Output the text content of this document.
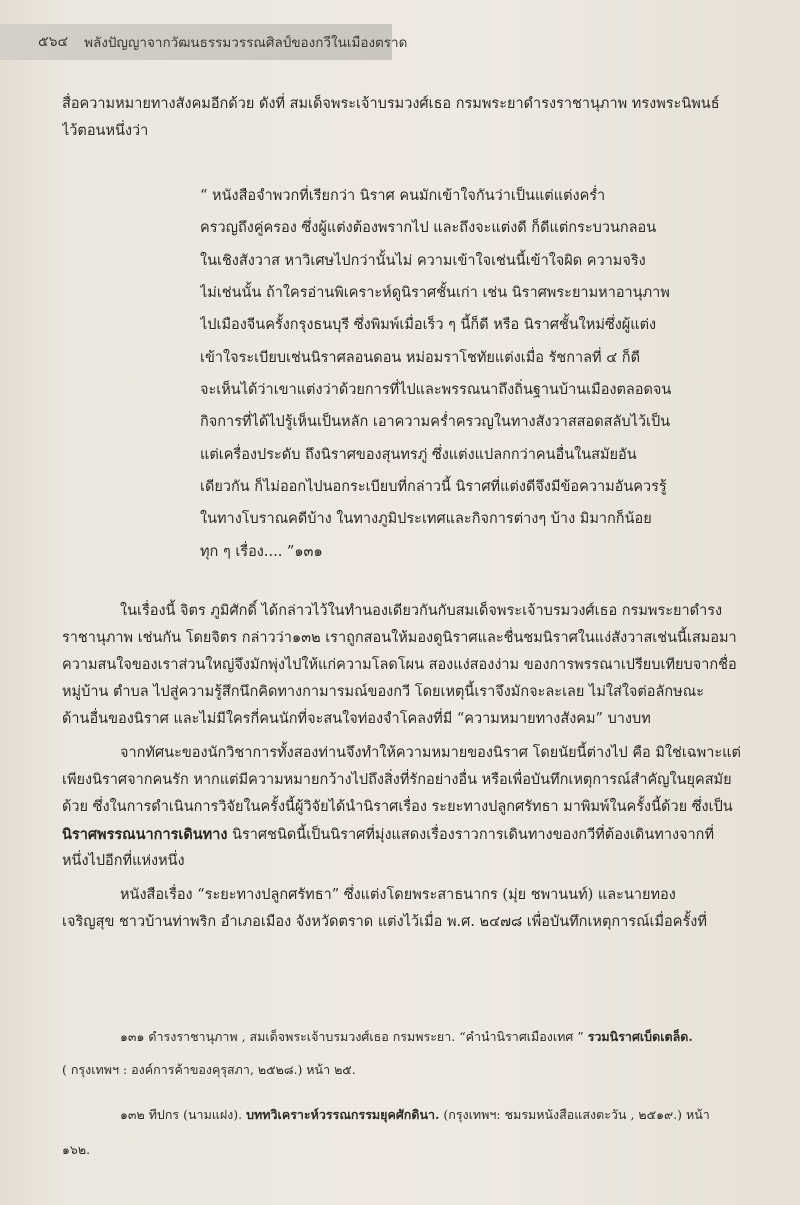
๕๖๔ พลังปัญญาจากวัฒนธรรมวรรณศิลป์ของกวีในเมืองตราด
สื่อความหมายทางสังคมอีกด้วย ดังที่ สมเด็จพระเจ้าบรมวงศ์เธอ กรมพระยาดำรงราชานุภาพ ทรงพระนิพนธ์
ไว้ตอนหนึ่งว่า
“ หนังสือจำพวกที่เรียกว่า นิราศ คนมักเข้าใจกันว่าเป็นแต่แต่งคร่ำ
ครวญถึงคู่ครอง ซึ่งผู้แต่งต้องพรากไป และถึงจะแต่งดี ก็ดีแต่กระบวนกลอน
ในเชิงสังวาส หาวิเศษไปกว่านั้นไม่ ความเข้าใจเช่นนี้เข้าใจผิด ความจริง
ไม่เช่นนั้น ถ้าใครอ่านพิเคราะห์ดูนิราศชั้นเก่า เช่น นิราศพระยามหาอานุภาพ
ไปเมืองจีนครั้งกรุงธนบุรี ซึ่งพิมพ์เมื่อเร็ว ๆ นี้ก็ดี หรือ นิราศชั้นใหม่ซึ่งผู้แต่ง
เข้าใจระเบียบเช่นนิราศลอนดอน หม่อมราโชทัยแต่งเมื่อ รัชกาลที่ ๔ ก็ดี
จะเห็นได้ว่าเขาแต่งว่าด้วยการที่ไปและพรรณนาถึงถิ่นฐานบ้านเมืองตลอดจน
กิจการที่ได้ไปรู้เห็นเป็นหลัก เอาความคร่ำครวญในทางสังวาสสอดสลับไว้เป็น
แต่เครื่องประดับ ถึงนิราศของสุนทรภู่ ซึ่งแต่งแปลกกว่าคนอื่นในสมัยอัน
เดียวกัน ก็ไม่ออกไปนอกระเบียบที่กล่าวนี้ นิราศที่แต่งดีจึงมีข้อความอันควรรู้
ในทางโบราณคดีบ้าง ในทางภูมิประเทศและกิจการต่างๆ บ้าง มิมากก็น้อย
ทุก ๆ เรื่อง.... ”๑๓๑
ในเรื่องนี้ จิตร ภูมิศักดิ์ ได้กล่าวไว้ในทำนองเดียวกันกับสมเด็จพระเจ้าบรมวงศ์เธอ กรมพระยาดำรง
ราชานุภาพ เช่นกัน โดยจิตร กล่าวว่า๑๓๒ เราถูกสอนให้มองดูนิราศและชื่นชมนิราศในแง่สังวาสเช่นนี้เสมอมา
ความสนใจของเราส่วนใหญ่จึงมักพุ่งไปให้แก่ความโลดโผน สองแง่สองง่าม ของการพรรณาเปรียบเทียบจากชื่อ
หมู่บ้าน ตำบล ไปสู่ความรู้สึกนึกคิดทางกามารมณ์ของกวี โดยเหตุนี้เราจึงมักจะละเลย ไม่ใส่ใจต่อลักษณะ
ด้านอื่นของนิราศ และไม่มีใครกี่คนนักที่จะสนใจท่องจำโคลงที่มี “ความหมายทางสังคม” บางบท
จากทัศนะของนักวิชาการทั้งสองท่านจึงทำให้ความหมายของนิราศ โดยนัยนี้ต่างไป คือ มิใช่เฉพาะแต่
เพียงนิราศจากคนรัก หากแต่มีความหมายกว้างไปถึงสิ่งที่รักอย่างอื่น หรือเพื่อบันทึกเหตุการณ์สำคัญในยุคสมัย
ด้วย ซึ่งในการดำเนินการวิจัยในครั้งนี้ผู้วิจัยได้นำนิราศเรื่อง ระยะทางปลูกศรัทธา มาพิมพ์ในครั้งนี้ด้วย ซึ่งเป็น
นิราศพรรณนาการเดินทาง นิราศชนิดนี้เป็นนิราศที่มุ่งแสดงเรื่องราวการเดินทางของกวีที่ต้องเดินทางจากที่
หนึ่งไปอีกที่แห่งหนึ่ง
หนังสือเรื่อง “ระยะทางปลูกศรัทธา” ซึ่งแต่งโดยพระสาธนากร (มุ่ย ชพานนท์) และนายทอง
เจริญสุข ชาวบ้านท่าพริก อำเภอเมือง จังหวัดตราด แต่งไว้เมื่อ พ.ศ. ๒๔๗๘ เพื่อบันทึกเหตุการณ์เมื่อครั้งที่
๑๓๑ ดำรงราชานุภาพ , สมเด็จพระเจ้าบรมวงศ์เธอ กรมพระยา. “คำนำนิราศเมืองเทศ ” รวมนิราศเบ็ดเตล็ด.
( กรุงเทพฯ : องค์การค้าของคุรุสภา, ๒๕๒๘.) หน้า ๒๕.
๑๓๒ ทีปกร (นามแฝง). บททวิเคราะห์วรรณกรรมยุคศักดินา. (กรุงเทพฯ: ชมรมหนังสือแสงตะวัน , ๒๕๑๙.) หน้า
๑๖๒.
